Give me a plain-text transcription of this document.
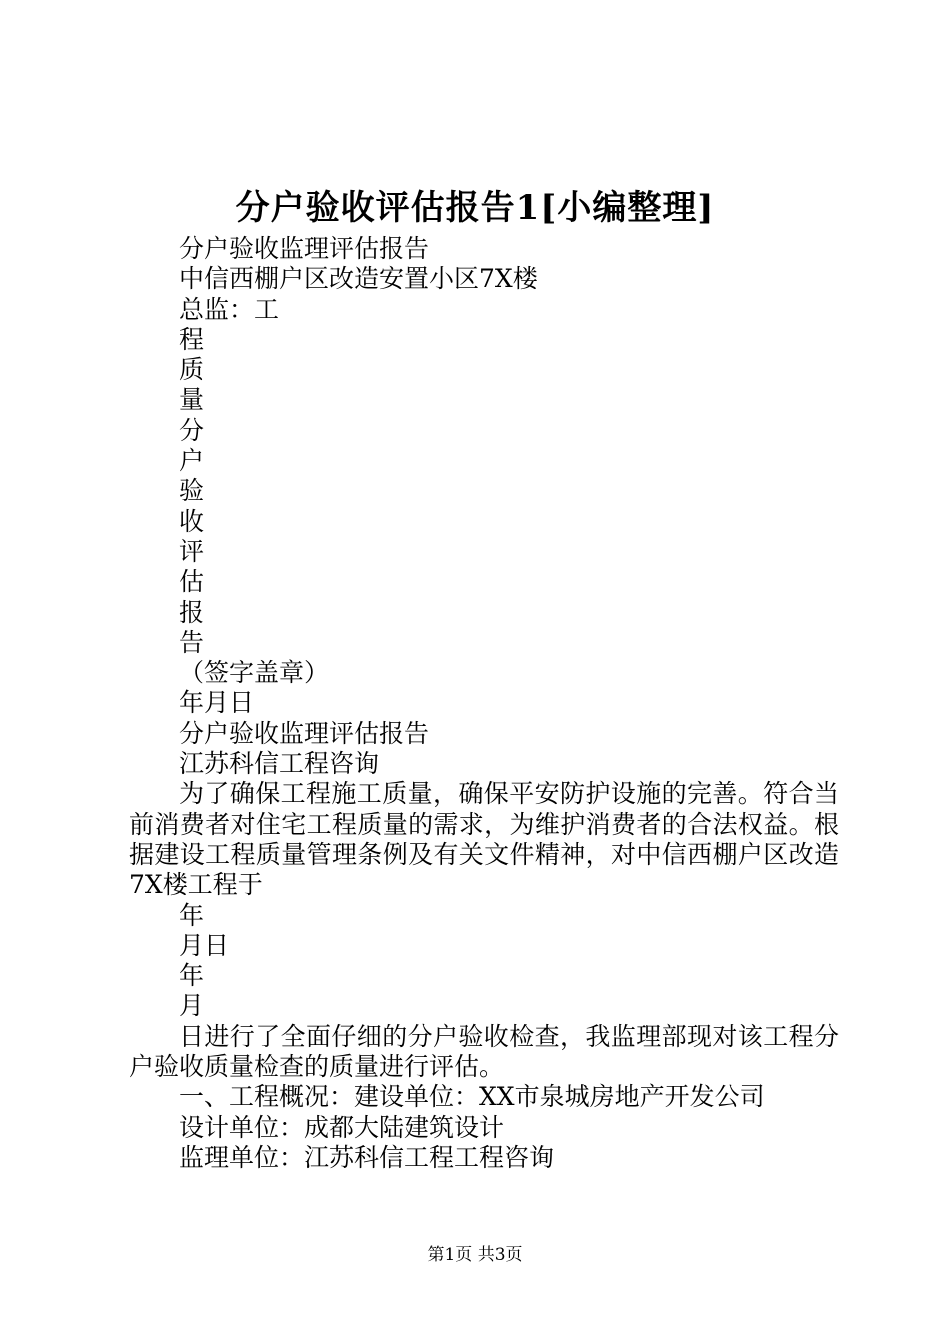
分户验收评估报告1[小编整理]
分户验收监理评估报告
中信西棚户区改造安置小区7X楼
总监：工
程
质
量
分
户
验
收
评
估
报
告
（签字盖章）
年月日
分户验收监理评估报告
江苏科信工程咨询
为了确保工程施工质量，确保平安防护设施的完善。符合当前消费者对住宅工程质量的需求，为维护消费者的合法权益。根据建设工程质量管理条例及有关文件精神，对中信西棚户区改造7X楼工程于
年
月日
年
月
日进行了全面仔细的分户验收检查，我监理部现对该工程分户验收质量检查的质量进行评估。
一、工程概况：建设单位：XX市泉城房地产开发公司
设计单位：成都大陆建筑设计
监理单位：江苏科信工程工程咨询
第1页 共3页
